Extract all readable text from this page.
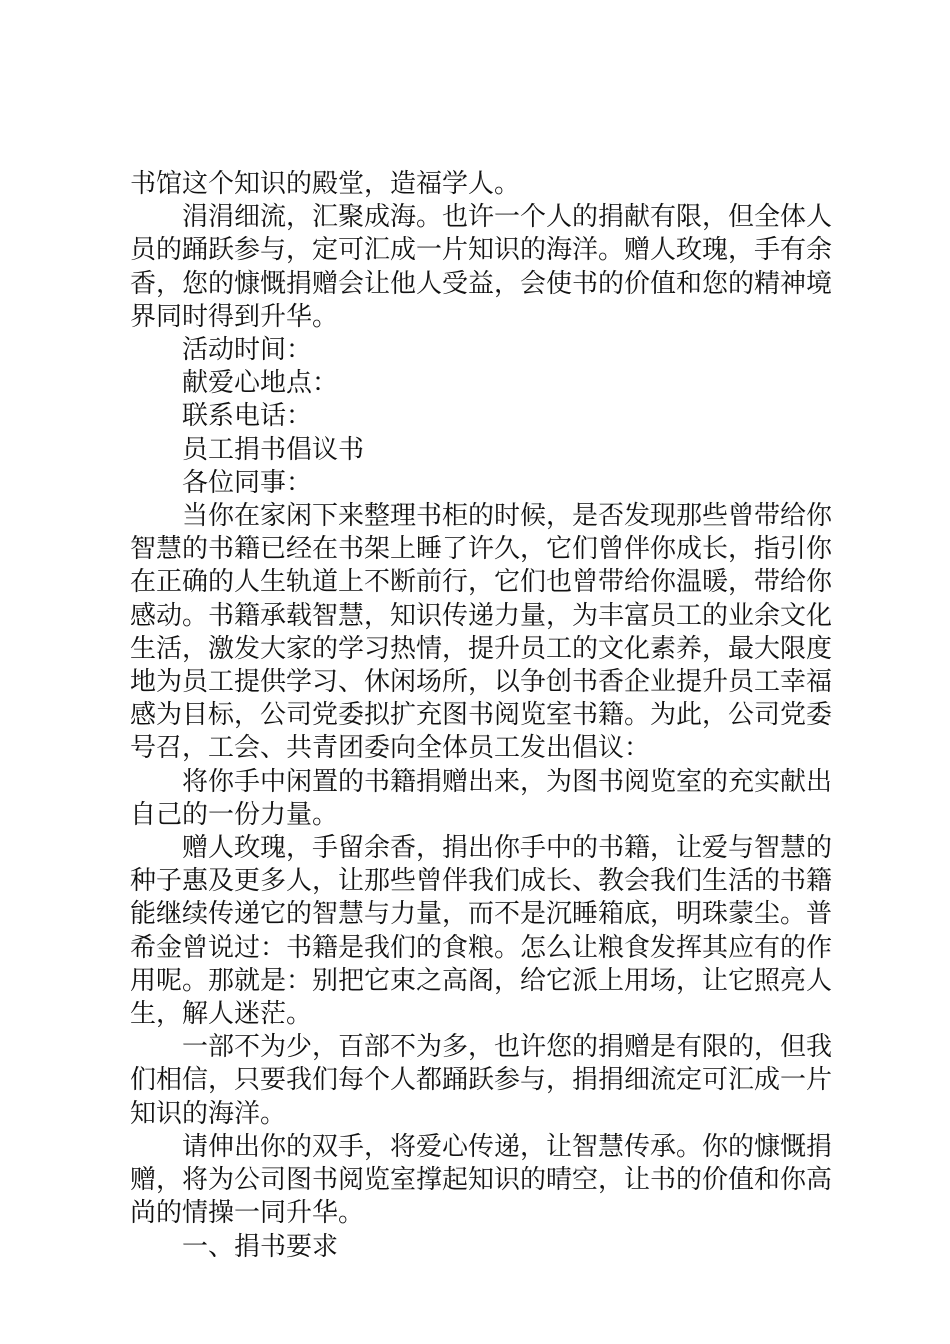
书馆这个知识的殿堂，造福学人。

涓涓细流，汇聚成海。也许一个人的捐献有限，但全体人员的踊跃参与，定可汇成一片知识的海洋。赠人玫瑰，手有余香，您的慷慨捐赠会让他人受益，会使书的价值和您的精神境界同时得到升华。

活动时间：

献爱心地点：

联系电话：

员工捐书倡议书

各位同事：

当你在家闲下来整理书柜的时候，是否发现那些曾带给你智慧的书籍已经在书架上睡了许久，它们曾伴你成长，指引你在正确的人生轨道上不断前行，它们也曾带给你温暖，带给你感动。书籍承载智慧，知识传递力量，为丰富员工的业余文化生活，激发大家的学习热情，提升员工的文化素养，最大限度地为员工提供学习、休闲场所，以争创书香企业提升员工幸福感为目标，公司党委拟扩充图书阅览室书籍。为此，公司党委号召，工会、共青团委向全体员工发出倡议：

将你手中闲置的书籍捐赠出来，为图书阅览室的充实献出自己的一份力量。

赠人玫瑰，手留余香，捐出你手中的书籍，让爱与智慧的种子惠及更多人，让那些曾伴我们成长、教会我们生活的书籍能继续传递它的智慧与力量，而不是沉睡箱底，明珠蒙尘。普希金曾说过：书籍是我们的食粮。怎么让粮食发挥其应有的作用呢。那就是：别把它束之高阁，给它派上用场，让它照亮人生，解人迷茫。

一部不为少，百部不为多，也许您的捐赠是有限的，但我们相信，只要我们每个人都踊跃参与，捐捐细流定可汇成一片知识的海洋。

请伸出你的双手，将爱心传递，让智慧传承。你的慷慨捐赠，将为公司图书阅览室撑起知识的晴空，让书的价值和你高尚的情操一同升华。

一、捐书要求
